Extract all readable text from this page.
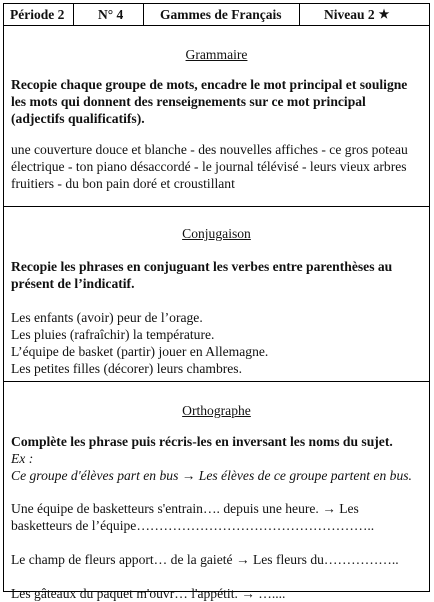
Période 2	N° 4	Gammes de Français	Niveau 2 ★
Grammaire
Recopie chaque groupe de mots, encadre le mot principal et souligne les mots qui donnent des renseignements sur ce mot principal (adjectifs qualificatifs).
une couverture douce et blanche - des nouvelles affiches - ce gros poteau électrique - ton piano désaccordé - le journal télévisé - leurs vieux arbres fruitiers - du bon pain doré et croustillant
Conjugaison
Recopie les phrases en conjuguant les verbes entre parenthèses au présent de l’indicatif.
Les enfants (avoir) peur de l’orage.
Les pluies (rafraîchir) la température.
L’équipe de basket (partir) jouer en Allemagne.
Les petites filles (décorer) leurs chambres.
Orthographe
Complète les phrase puis récris-les en inversant les noms du sujet.
Ex :
Ce groupe d'élèves part en bus → Les élèves de ce groupe partent en bus.
Une équipe de basketteurs s'entrain…. depuis une heure. → Les basketteurs de l’équipe……………………………………………..
Le champ de fleurs apport… de la gaieté → Les fleurs du……………..
Les gâteaux du paquet m'ouvr… l'appétit. → …....
